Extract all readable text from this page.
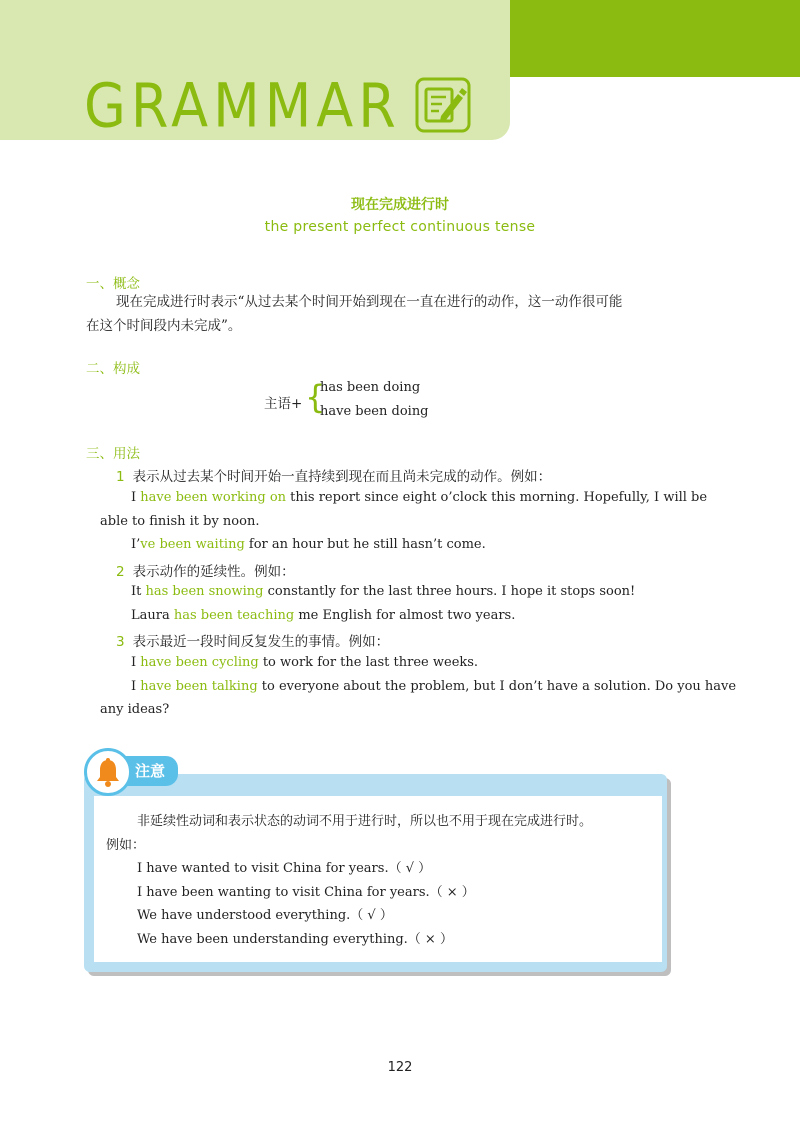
GRAMMAR
现在完成进行时
the present perfect continuous tense
一、概念
现在完成进行时表示“从过去某个时间开始到现在一直在进行的动作，这一动作很可能
在这个时间段内未完成”。
二、构成
主语+ {
has been doing
have been doing
三、用法
1 表示从过去某个时间开始一直持续到现在而且尚未完成的动作。例如：
I have been working on this report since eight o’clock this morning. Hopefully, I will be
able to finish it by noon.
I’ve been waiting for an hour but he still hasn’t come.
2 表示动作的延续性。例如：
It has been snowing constantly for the last three hours. I hope it stops soon!
Laura has been teaching me English for almost two years.
3 表示最近一段时间反复发生的事情。例如：
I have been cycling to work for the last three weeks.
I have been talking to everyone about the problem, but I don’t have a solution. Do you have
any ideas?
注意
非延续性动词和表示状态的动词不用于进行时，所以也不用于现在完成进行时。
例如：
I have wanted to visit China for years.（ √ ）
I have been wanting to visit China for years.（ × ）
We have understood everything.（ √ ）
We have been understanding everything.（ × ）
122
